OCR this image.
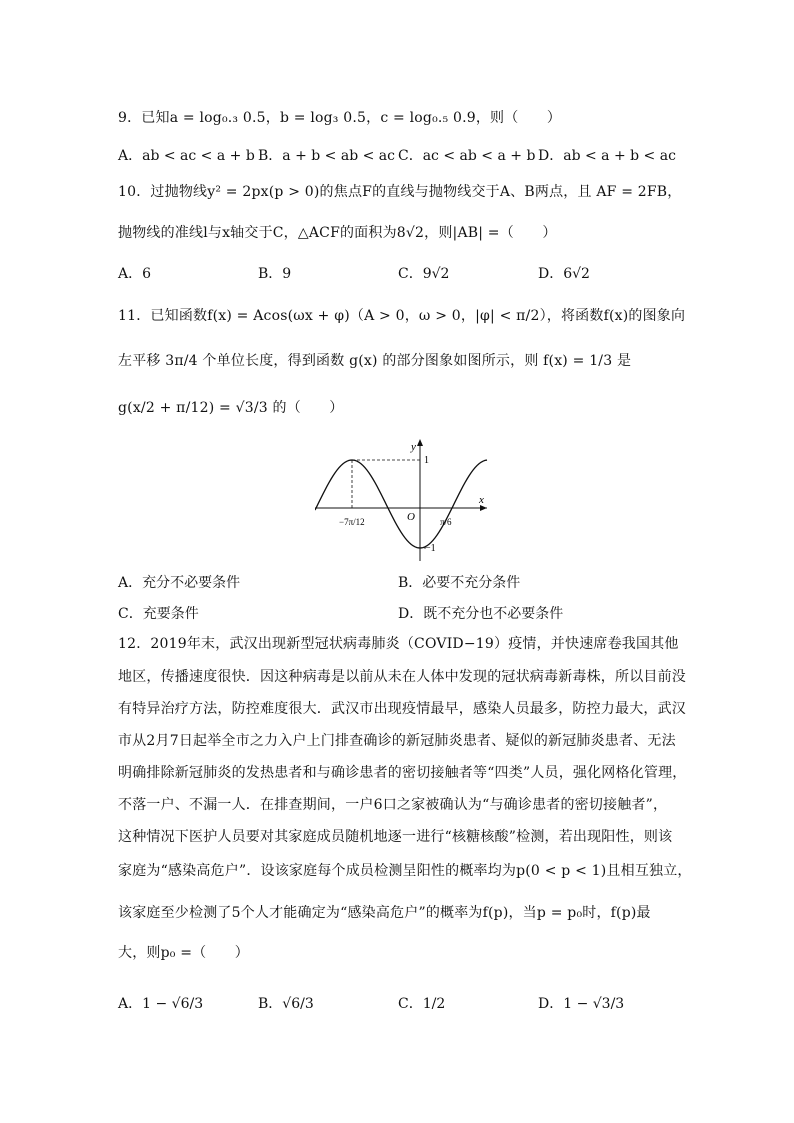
9．已知a = log₀.₃ 0.5，b = log₃ 0.5，c = log₀.₅ 0.9，则（　　）
A．ab < ac < a + b B．a + b < ab < ac C．ac < ab < a + b D．ab < a + b < ac
10．过抛物线y² = 2px(p > 0)的焦点F的直线与抛物线交于A、B两点，且 AF = 2FB，
抛物线的准线l与x轴交于C，△ACF的面积为8√2，则|AB| =（　　）
A．6	B．9	C．9√2	D．6√2
11．已知函数f(x) = Acos(ωx + φ)（A > 0，ω > 0，|φ| < π/2），将函数f(x)的图象向
左平移 3π/4 个单位长度，得到函数 g(x) 的部分图象如图所示，则 f(x) = 1/3 是
g(x/2 + π/12) = √3/3 的（　　）
y
1
−1
x
O
−7π/12	π/6
A．充分不必要条件	B．必要不充分条件
C．充要条件	D．既不充分也不必要条件
12．2019年末，武汉出现新型冠状病毒肺炎（COVID−19）疫情，并快速席卷我国其他
地区，传播速度很快．因这种病毒是以前从未在人体中发现的冠状病毒新毒株，所以目前没
有特异治疗方法，防控难度很大．武汉市出现疫情最早，感染人员最多，防控力最大，武汉
市从2月7日起举全市之力入户上门排查确诊的新冠肺炎患者、疑似的新冠肺炎患者、无法
明确排除新冠肺炎的发热患者和与确诊患者的密切接触者等“四类”人员，强化网格化管理，
不落一户、不漏一人．在排查期间，一户6口之家被确认为“与确诊患者的密切接触者”，
这种情况下医护人员要对其家庭成员随机地逐一进行“核糖核酸”检测，若出现阳性，则该
家庭为“感染高危户”．设该家庭每个成员检测呈阳性的概率均为p(0 < p < 1)且相互独立，
该家庭至少检测了5个人才能确定为“感染高危户”的概率为f(p)，当p = p₀时，f(p)最
大，则p₀ =（　　）
A．1 − √6/3	B．√6/3	C．1/2	D．1 − √3/3
